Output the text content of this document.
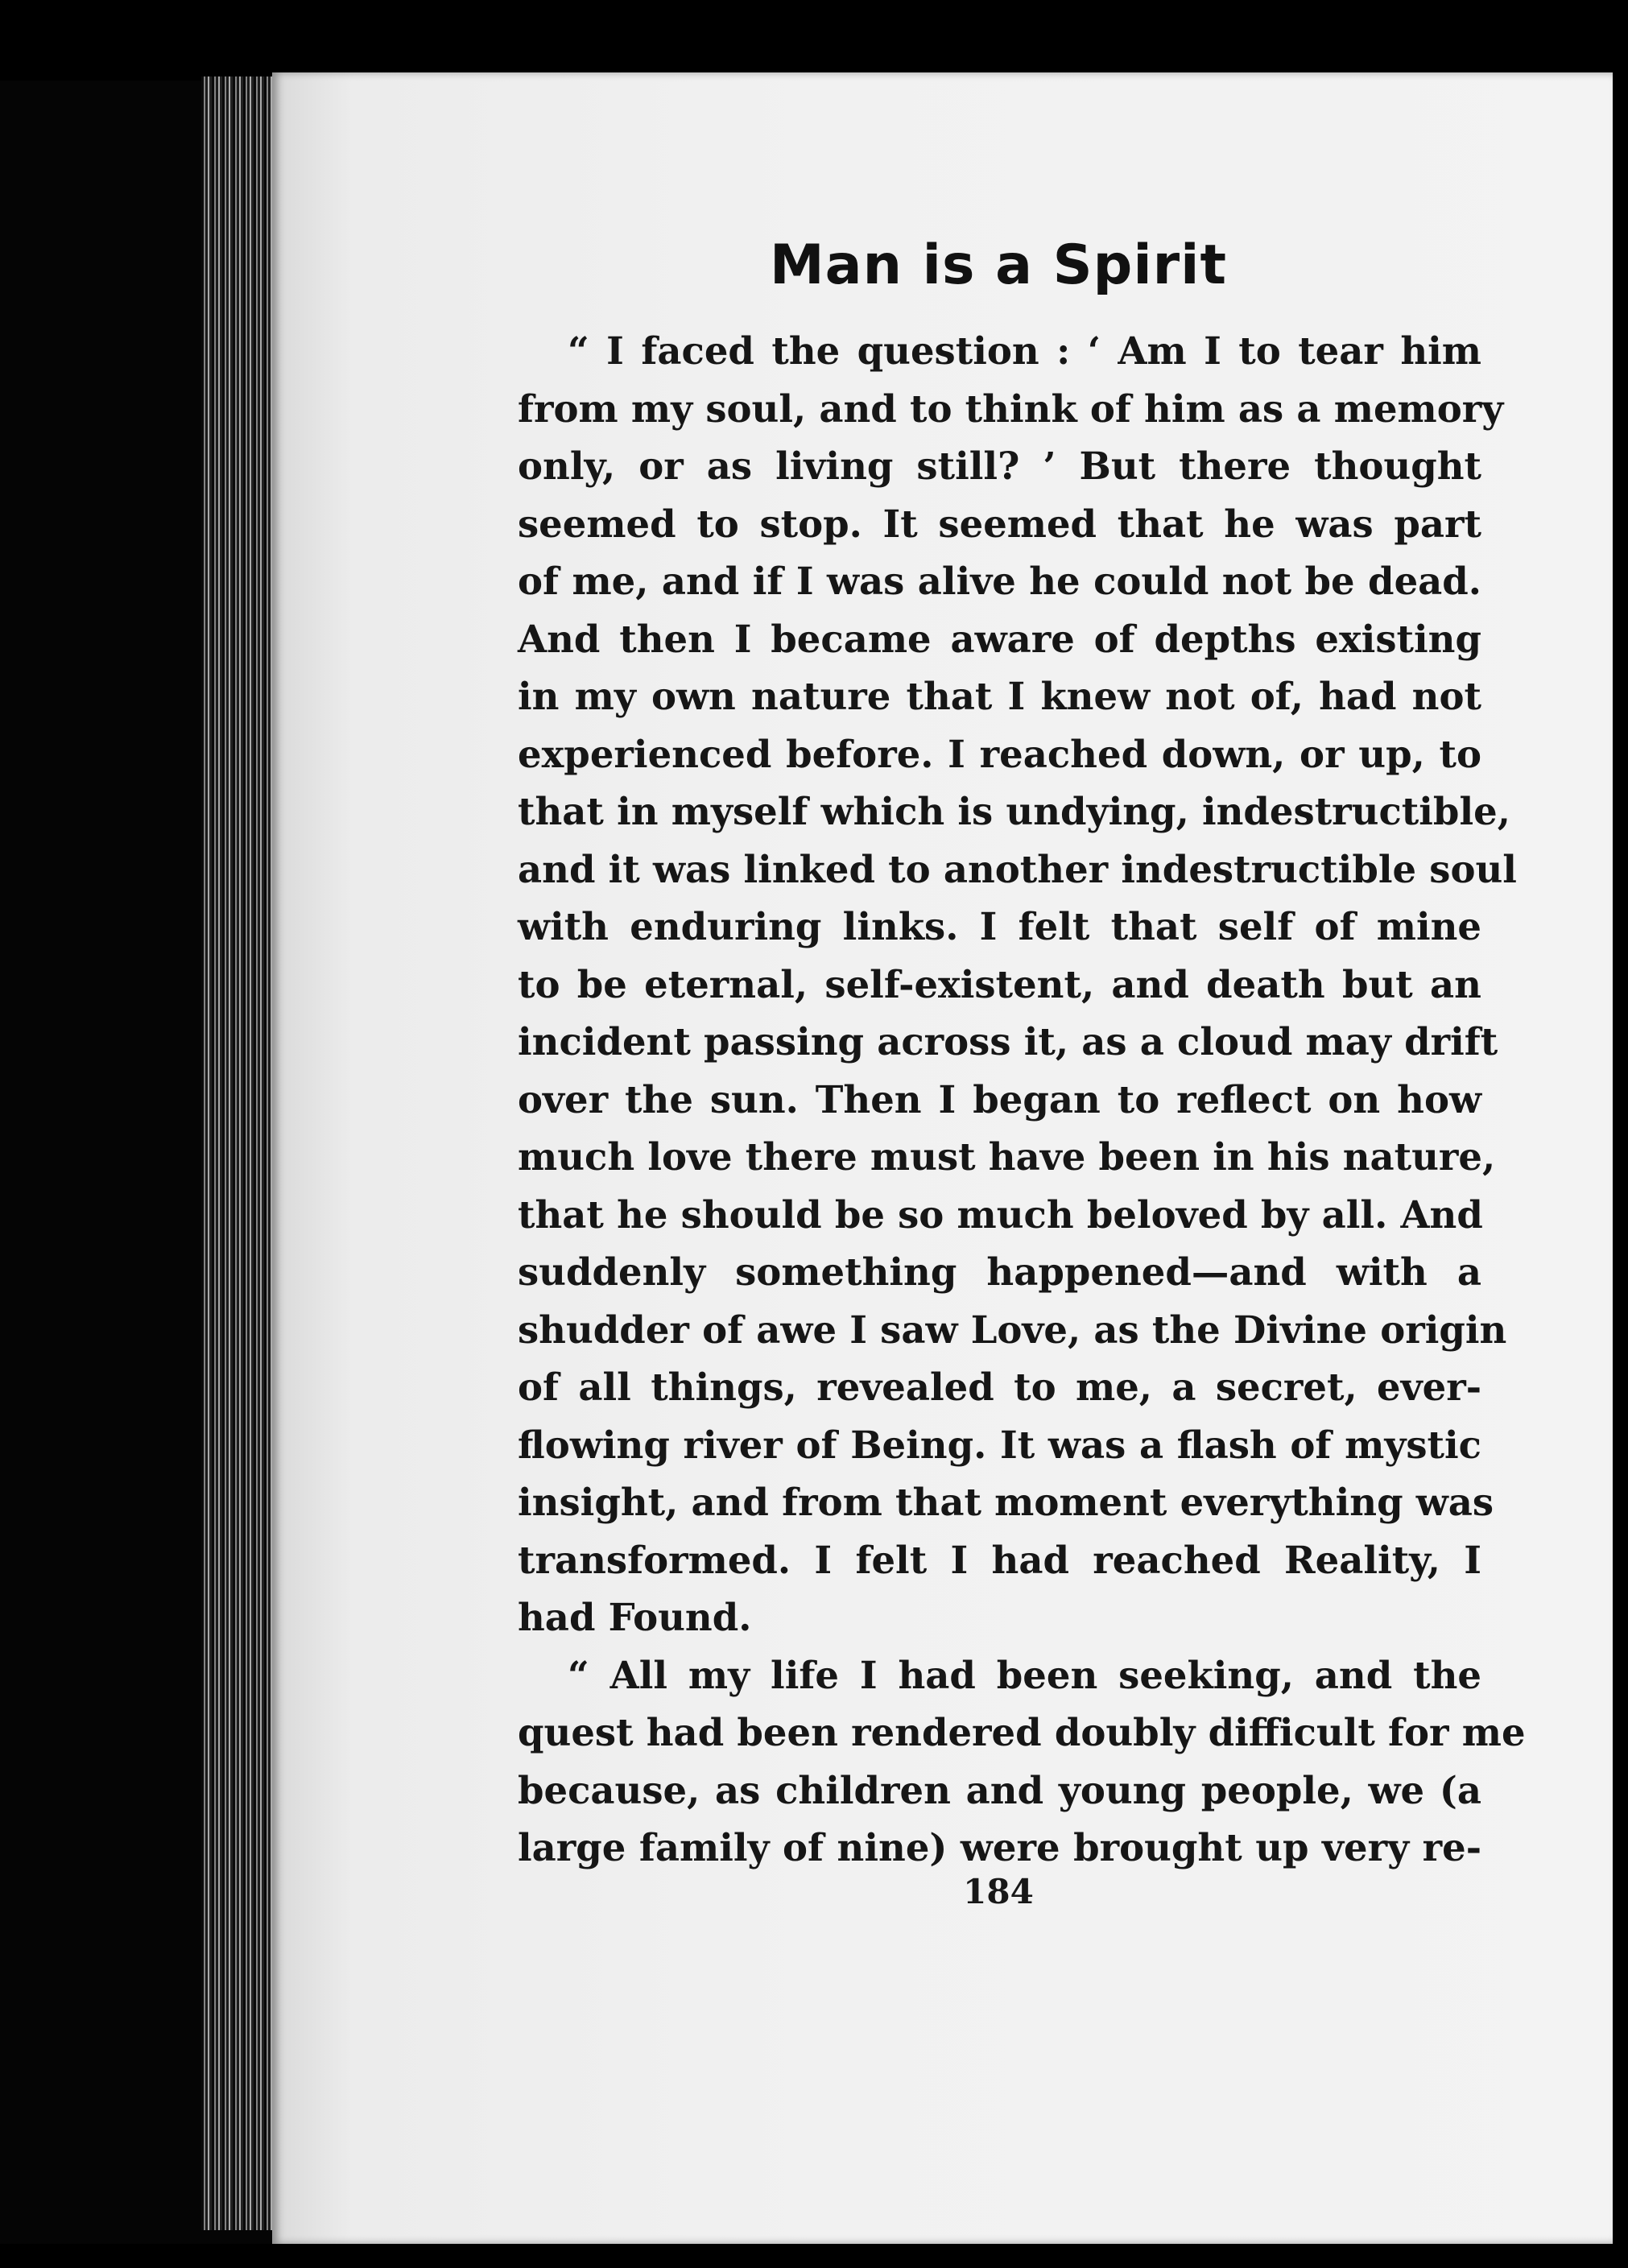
Man is a Spirit
“ I faced the question : ‘ Am I to tear him
from my soul, and to think of him as a memory
only, or as living still? ’ But there thought
seemed to stop. It seemed that he was part
of me, and if I was alive he could not be dead.
And then I became aware of depths existing
in my own nature that I knew not of, had not
experienced before. I reached down, or up, to
that in myself which is undying, indestructible,
and it was linked to another indestructible soul
with enduring links. I felt that self of mine
to be eternal, self-existent, and death but an
incident passing across it, as a cloud may drift
over the sun. Then I began to reflect on how
much love there must have been in his nature,
that he should be so much beloved by all. And
suddenly something happened—and with a
shudder of awe I saw Love, as the Divine origin
of all things, revealed to me, a secret, ever-
flowing river of Being. It was a flash of mystic
insight, and from that moment everything was
transformed. I felt I had reached Reality, I
had Found.
“ All my life I had been seeking, and the
quest had been rendered doubly difficult for me
because, as children and young people, we (a
large family of nine) were brought up very re-
184
